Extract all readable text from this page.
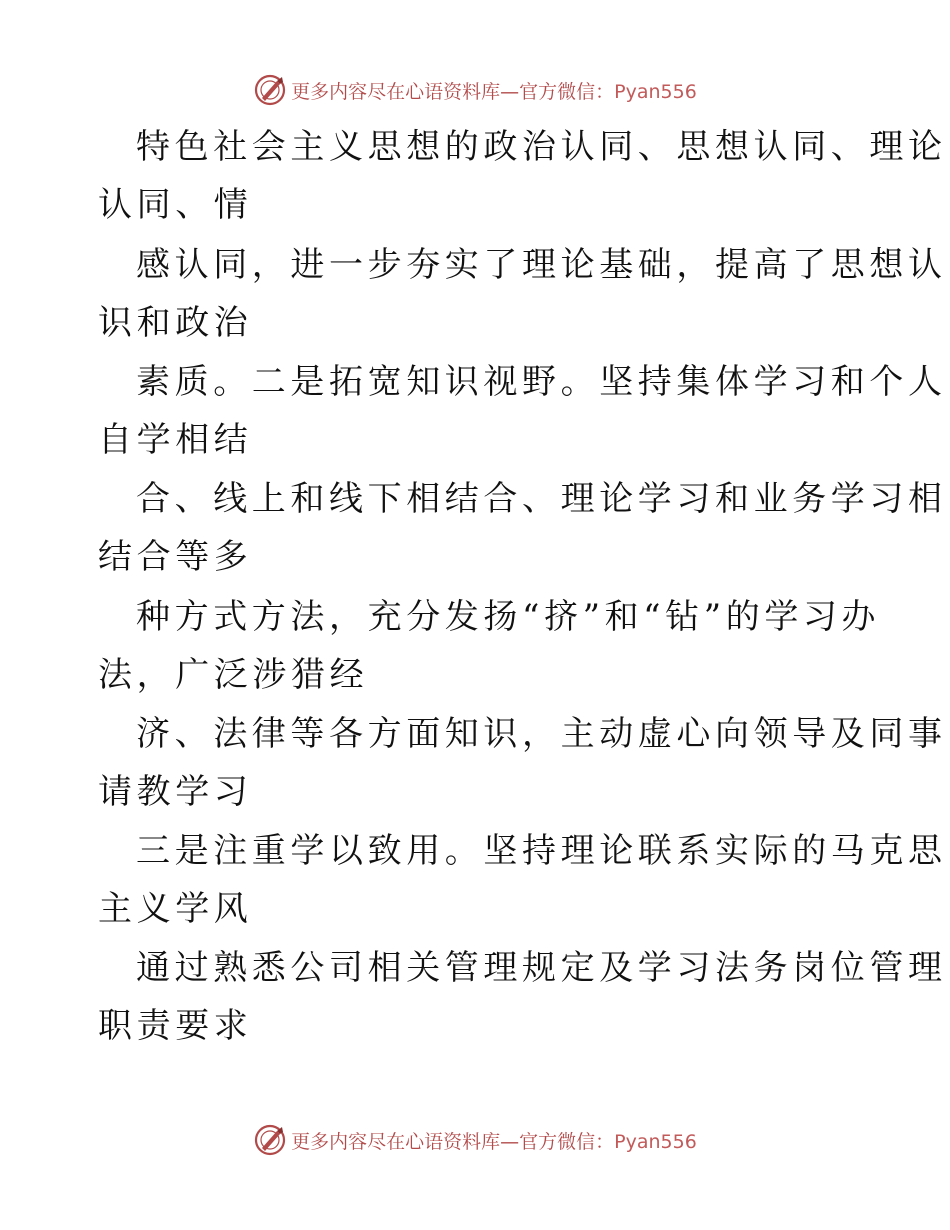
更多内容尽在心语资料库—官方微信：Pyan556
特色社会主义思想的政治认同、思想认同、理论
认同、情
感认同，进一步夯实了理论基础，提高了思想认
识和政治
素质。二是拓宽知识视野。坚持集体学习和个人
自学相结
合、线上和线下相结合、理论学习和业务学习相
结合等多
种方式方法，充分发扬“挤”和“钻”的学习办
法，广泛涉猎经
济、法律等各方面知识，主动虚心向领导及同事
请教学习
三是注重学以致用。坚持理论联系实际的马克思
主义学风
通过熟悉公司相关管理规定及学习法务岗位管理
职责要求
更多内容尽在心语资料库—官方微信：Pyan556
